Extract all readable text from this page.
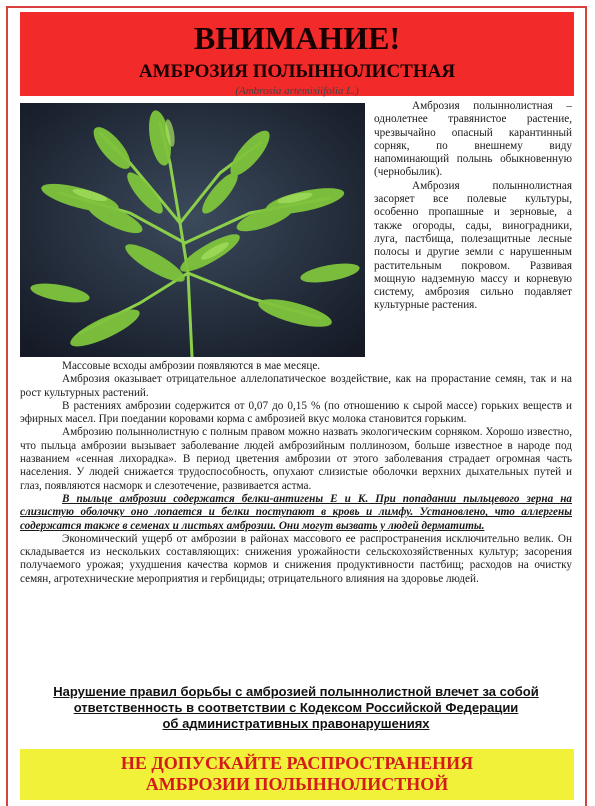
ВНИМАНИЕ!
АМБРОЗИЯ ПОЛЫННОЛИСТНАЯ
(Ambrosia artemisiifolia L.)

Амброзия полыннолистная – однолетнее травянистое растение, чрезвычайно опасный карантинный сорняк, по внешнему виду напоминающий полынь обыкновенную (чернобылик).

Амброзия полыннолистная засоряет все полевые культуры, особенно пропашные и зерновые, а также огороды, сады, виноградники, луга, пастбища, полезащитные лесные полосы и другие земли с нарушенным растительным покровом. Развивая мощную надземную массу и корневую систему, амброзия сильно подавляет культурные растения.

Массовые всходы амброзии появляются в мае месяце.

Амброзия оказывает отрицательное аллелопатическое воздействие, как на прорастание семян, так и на рост культурных растений.

В растениях амброзии содержится от 0,07 до 0,15 % (по отношению к сырой массе) горьких веществ и эфирных масел. При поедании коровами корма с амброзией вкус молока становится горьким.

Амброзию полыннолистную с полным правом можно назвать экологическим сорняком. Хорошо известно, что пыльца амброзии вызывает заболевание людей амброзийным поллинозом, больше известное в народе под названием «сенная лихорадка». В период цветения амброзии от этого заболевания страдает огромная часть населения. У людей снижается трудоспособность, опухают слизистые оболочки верхних дыхательных путей и глаз, появляются насморк и слезотечение, развивается астма.

В пыльце амброзии содержатся белки-антигены Е и К. При попадании пыльцевого зерна на слизистую оболочку оно лопается и белки поступают в кровь и лимфу. Установлено, что аллергены содержатся также в семенах и листьях амброзии. Они могут вызвать у людей дерматиты.

Экономический ущерб от амброзии в районах массового ее распространения исключительно велик. Он складывается из нескольких составляющих: снижения урожайности сельскохозяйственных культур; засорения получаемого урожая; ухудшения качества кормов и снижения продуктивности пастбищ; расходов на очистку семян, агротехнические мероприятия и гербициды; отрицательного влияния на здоровье людей.

Нарушение правил борьбы с амброзией полыннолистной влечет за собой
ответственность в соответствии с Кодексом Российской Федерации
об административных правонарушениях
НЕ ДОПУСКАЙТЕ РАСПРОСТРАНЕНИЯ
АМБРОЗИИ ПОЛЫННОЛИСТНОЙ
